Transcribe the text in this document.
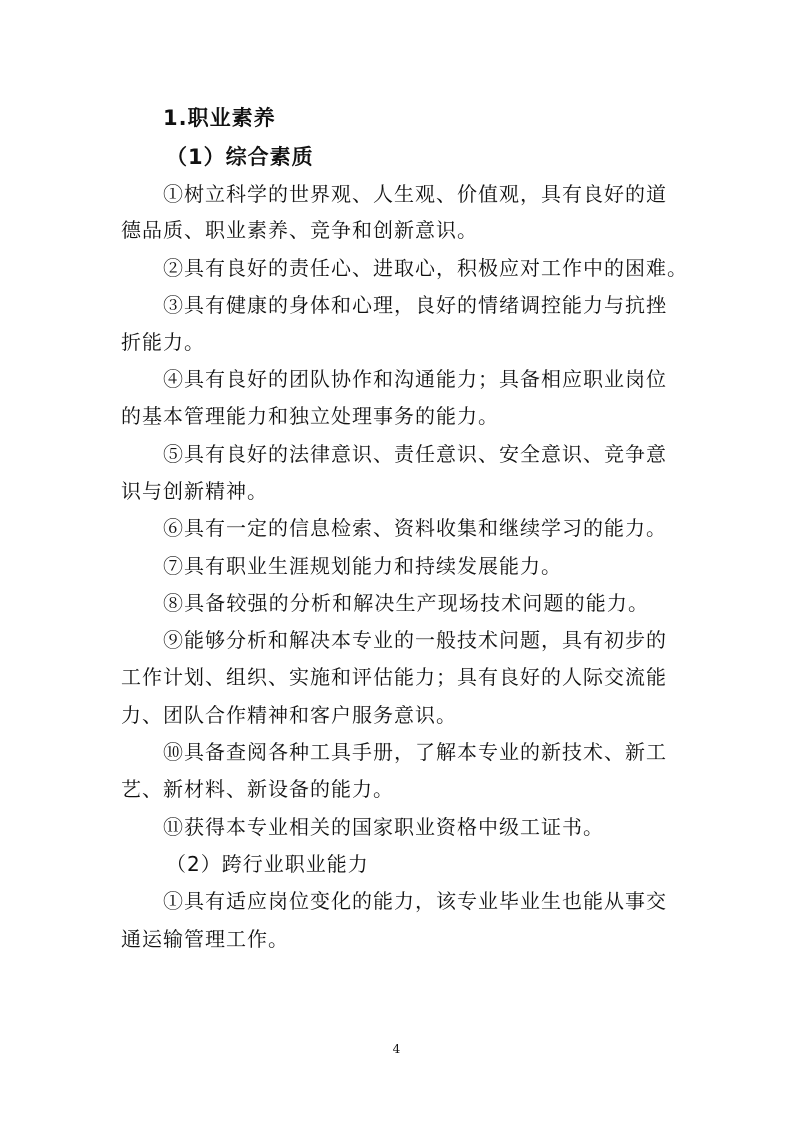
1.职业素养
（1）综合素质
①树立科学的世界观、人生观、价值观，具有良好的道
德品质、职业素养、竞争和创新意识。
②具有良好的责任心、进取心，积极应对工作中的困难。
③具有健康的身体和心理，良好的情绪调控能力与抗挫
折能力。
④具有良好的团队协作和沟通能力；具备相应职业岗位
的基本管理能力和独立处理事务的能力。
⑤具有良好的法律意识、责任意识、安全意识、竞争意
识与创新精神。
⑥具有一定的信息检索、资料收集和继续学习的能力。
⑦具有职业生涯规划能力和持续发展能力。
⑧具备较强的分析和解决生产现场技术问题的能力。
⑨能够分析和解决本专业的一般技术问题，具有初步的
工作计划、组织、实施和评估能力；具有良好的人际交流能
力、团队合作精神和客户服务意识。
⑩具备查阅各种工具手册，了解本专业的新技术、新工
艺、新材料、新设备的能力。
⑪获得本专业相关的国家职业资格中级工证书。
（2）跨行业职业能力
①具有适应岗位变化的能力，该专业毕业生也能从事交
通运输管理工作。
4
